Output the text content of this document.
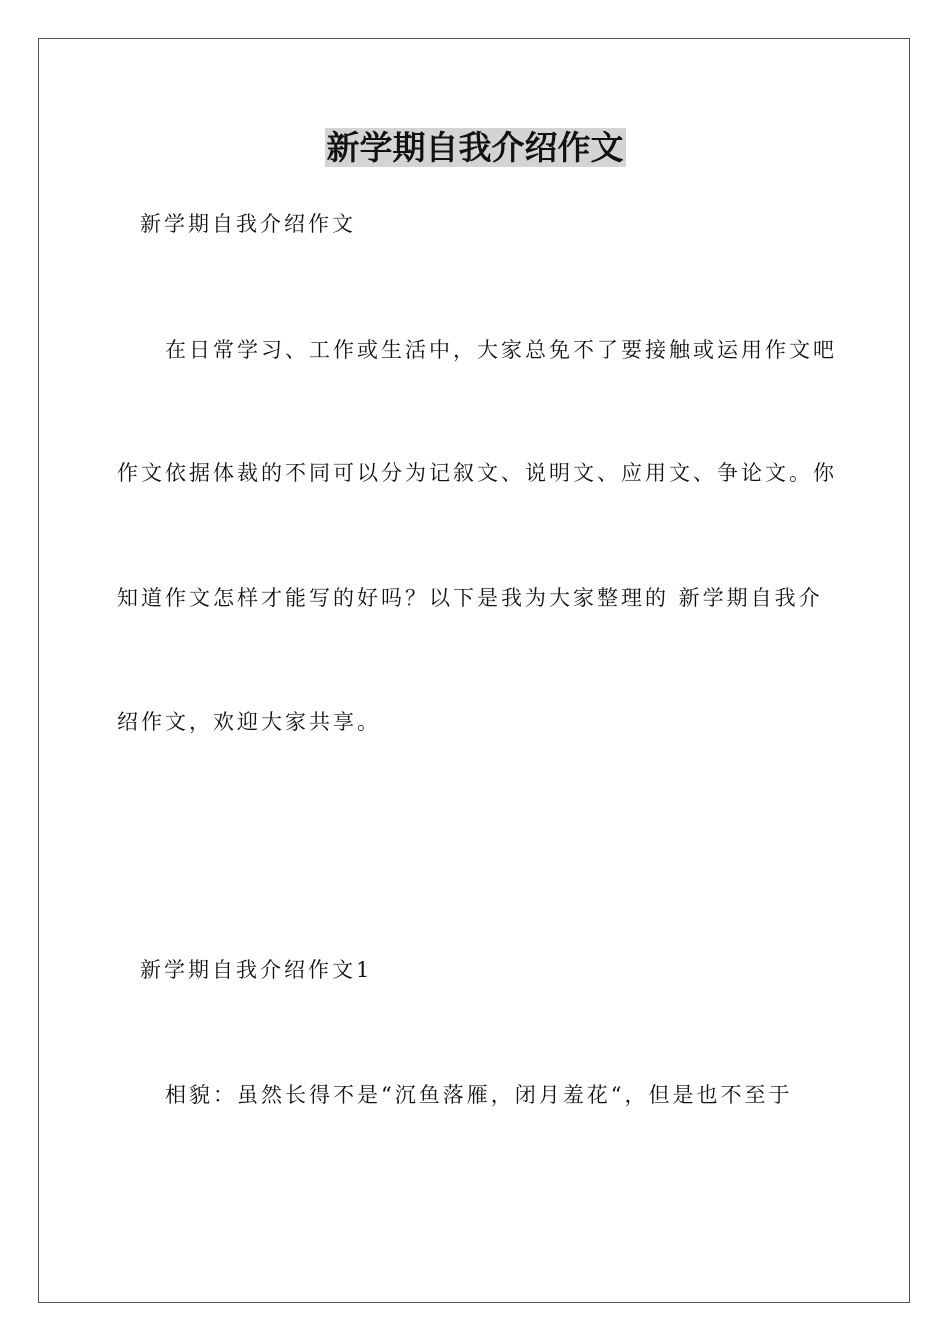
新学期自我介绍作文
新学期自我介绍作文
在日常学习、工作或生活中，大家总免不了要接触或运用作文吧
作文依据体裁的不同可以分为记叙文、说明文、应用文、争论文。你
知道作文怎样才能写的好吗？以下是我为大家整理的 新学期自我介
绍作文，欢迎大家共享。
新学期自我介绍作文1
相貌：虽然长得不是“沉鱼落雁，闭月羞花“，但是也不至于
